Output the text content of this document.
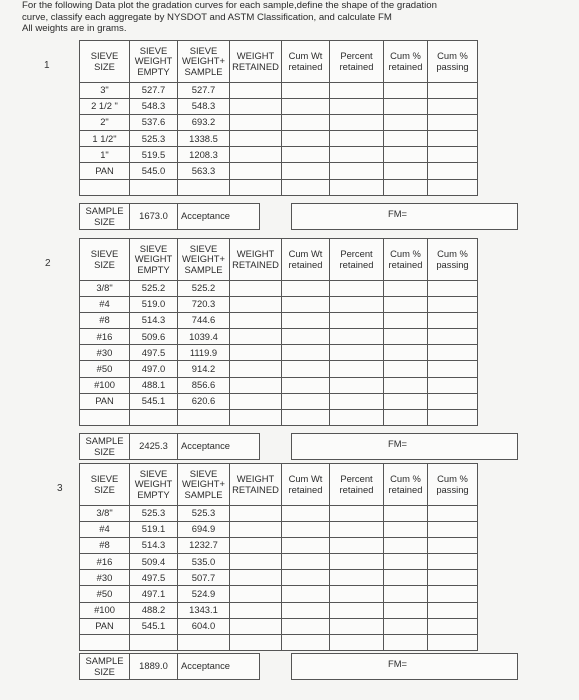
For the following Data plot the gradation curves for each sample,define the shape of the gradation
curve, classify each aggregate by NYSDOT and ASTM Classification, and calculate FM
All weights are in grams.
1
SIEVE SIZE	SIEVE WEIGHT EMPTY	SIEVE WEIGHT+ SAMPLE	WEIGHT RETAINED	Cum Wt retained	Percent retained	Cum % retained	Cum % passing
3"	527.7	527.7					
2 1/2 "	548.3	548.3					
2"	537.6	693.2					
1 1/2"	525.3	1338.5					
1"	519.5	1208.3					
PAN	545.0	563.3					

SAMPLE SIZE	1673.0	Acceptance	FM=
2
SIEVE SIZE	SIEVE WEIGHT EMPTY	SIEVE WEIGHT+ SAMPLE	WEIGHT RETAINED	Cum Wt retained	Percent retained	Cum % retained	Cum % passing
3/8"	525.2	525.2					
#4	519.0	720.3					
#8	514.3	744.6					
#16	509.6	1039.4					
#30	497.5	1119.9					
#50	497.0	914.2					
#100	488.1	856.6					
PAN	545.1	620.6					

SAMPLE SIZE	2425.3	Acceptance	FM=
3
SIEVE SIZE	SIEVE WEIGHT EMPTY	SIEVE WEIGHT+ SAMPLE	WEIGHT RETAINED	Cum Wt retained	Percent retained	Cum % retained	Cum % passing
3/8"	525.3	525.3					
#4	519.1	694.9					
#8	514.3	1232.7					
#16	509.4	535.0					
#30	497.5	507.7					
#50	497.1	524.9					
#100	488.2	1343.1					
PAN	545.1	604.0					

SAMPLE SIZE	1889.0	Acceptance	FM=
